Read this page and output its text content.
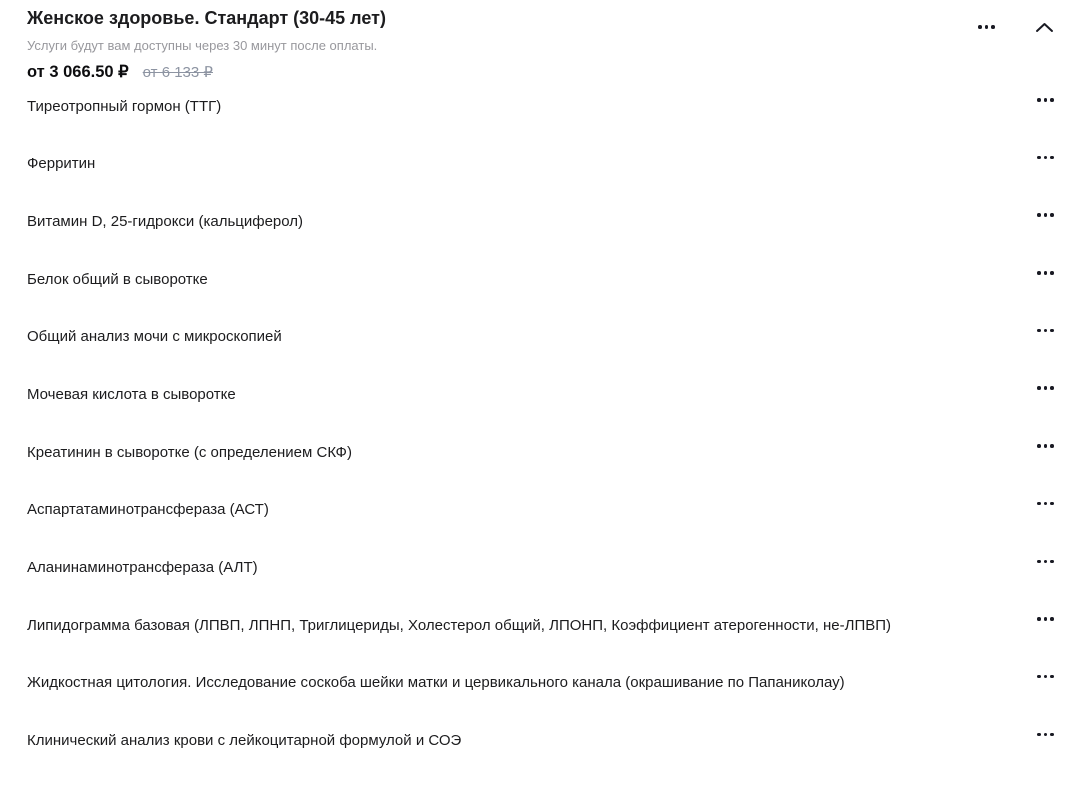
Женское здоровье. Стандарт (30-45 лет)

Услуги будут вам доступны через 30 минут после оплаты.

от 3 066.50 ₽ от 6 133 ₽
Тиреотропный гормон (ТТГ)
Ферритин
Витамин D, 25-гидрокси (кальциферол)
Белок общий в сыворотке
Общий анализ мочи с микроскопией
Мочевая кислота в сыворотке
Креатинин в сыворотке (с определением СКФ)
Аспартатаминотрансфераза (АСТ)
Аланинаминотрансфераза (АЛТ)
Липидограмма базовая (ЛПВП, ЛПНП, Триглицериды, Холестерол общий, ЛПОНП, Коэффициент атерогенности, не-ЛПВП)
Жидкостная цитология. Исследование соскоба шейки матки и цервикального канала (окрашивание по Папаниколау)
Клинический анализ крови с лейкоцитарной формулой и СОЭ
